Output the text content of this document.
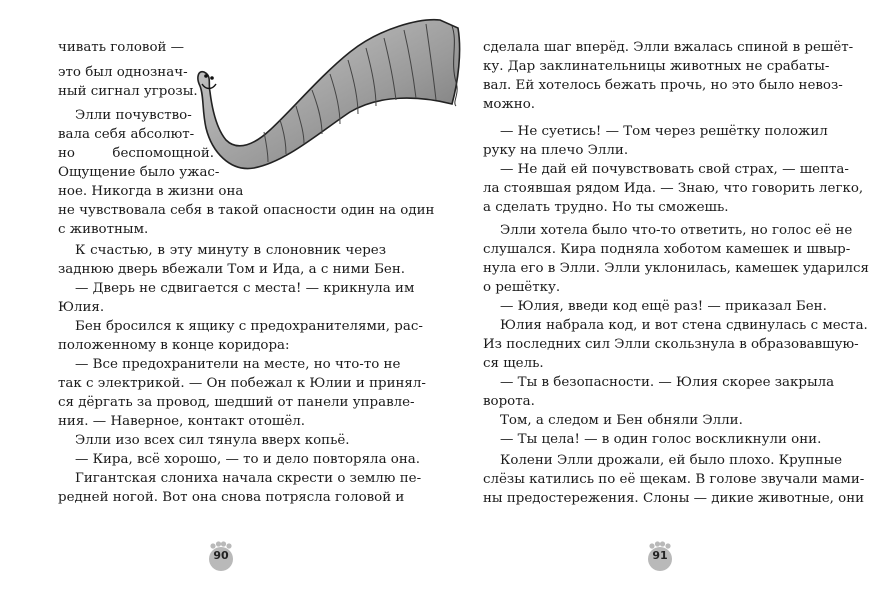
чивать головой —
это был однознач-
ный сигнал угрозы.
Элли почувство-
вала себя абсолют-
но беспомощной.
Ощущение было ужас-
ное. Никогда в жизни она
не чувствовала себя в такой опасности один на один
с животным.
К счастью, в эту минуту в слоновник через
заднюю дверь вбежали Том и Ида, а с ними Бен.
— Дверь не сдвигается с места! — крикнула им
Юлия.
Бен бросился к ящику с предохранителями, рас-
положенному в конце коридора:
— Все предохранители на месте, но что-то не
так с электрикой. — Он побежал к Юлии и принял-
ся дёргать за провод, шедший от панели управле-
ния. — Наверное, контакт отошёл.
Элли изо всех сил тянула вверх копьё.
— Кира, всё хорошо, — то и дело повторяла она.
Гигантская слониха начала скрести о землю пе-
редней ногой. Вот она снова потрясла головой и
90
сделала шаг вперёд. Элли вжалась спиной в решёт-
ку. Дар заклинательницы животных не срабаты-
вал. Ей хотелось бежать прочь, но это было невоз-
можно.
— Не суетись! — Том через решётку положил
руку на плечо Элли.
— Не дай ей почувствовать свой страх, — шепта-
ла стоявшая рядом Ида. — Знаю, что говорить легко,
а сделать трудно. Но ты сможешь.
Элли хотела было что-то ответить, но голос её не
слушался. Кира подняла хоботом камешек и швыр-
нула его в Элли. Элли уклонилась, камешек ударился
о решётку.
— Юлия, введи код ещё раз! — приказал Бен.
Юлия набрала код, и вот стена сдвинулась с места.
Из последних сил Элли скользнула в образовавшую-
ся щель.
— Ты в безопасности. — Юлия скорее закрыла
ворота.
Том, а следом и Бен обняли Элли.
— Ты цела! — в один голос воскликнули они.
Колени Элли дрожали, ей было плохо. Крупные
слёзы катились по её щекам. В голове звучали мами-
ны предостережения. Слоны — дикие животные, они
91
